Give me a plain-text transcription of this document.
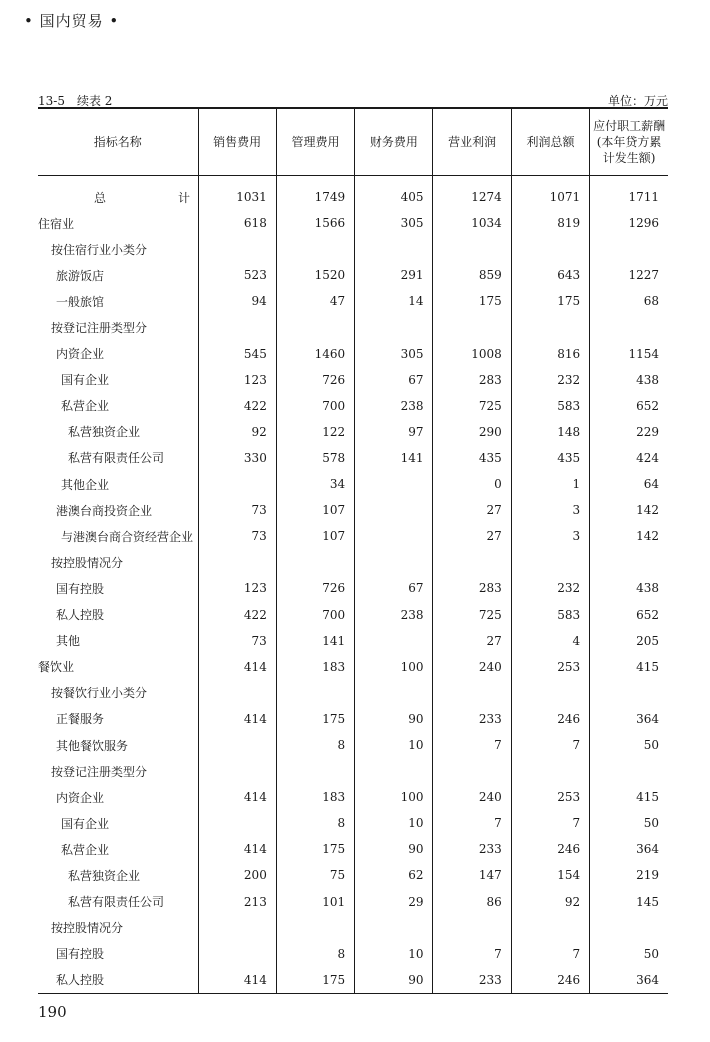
• 国内贸易 •
13-5　续表 2	单位：万元
指标名称	销售费用	管理费用	财务费用	营业利润	利润总额	应付职工薪酬
(本年贷方累
计发生额)
总　计	1031	1749	405	1274	1071	1711
住宿业	618	1566	305	1034	819	1296
按住宿行业小类分						
旅游饭店	523	1520	291	859	643	1227
一般旅馆	94	47	14	175	175	68
按登记注册类型分						
内资企业	545	1460	305	1008	816	1154
国有企业	123	726	67	283	232	438
私营企业	422	700	238	725	583	652
私营独资企业	92	122	97	290	148	229
私营有限责任公司	330	578	141	435	435	424
其他企业		34		0	1	64
港澳台商投资企业	73	107		27	3	142
与港澳台商合资经营企业	73	107		27	3	142
按控股情况分						
国有控股	123	726	67	283	232	438
私人控股	422	700	238	725	583	652
其他	73	141		27	4	205
餐饮业	414	183	100	240	253	415
按餐饮行业小类分						
正餐服务	414	175	90	233	246	364
其他餐饮服务		8	10	7	7	50
按登记注册类型分						
内资企业	414	183	100	240	253	415
国有企业		8	10	7	7	50
私营企业	414	175	90	233	246	364
私营独资企业	200	75	62	147	154	219
私营有限责任公司	213	101	29	86	92	145
按控股情况分						
国有控股		8	10	7	7	50
私人控股	414	175	90	233	246	364
190
